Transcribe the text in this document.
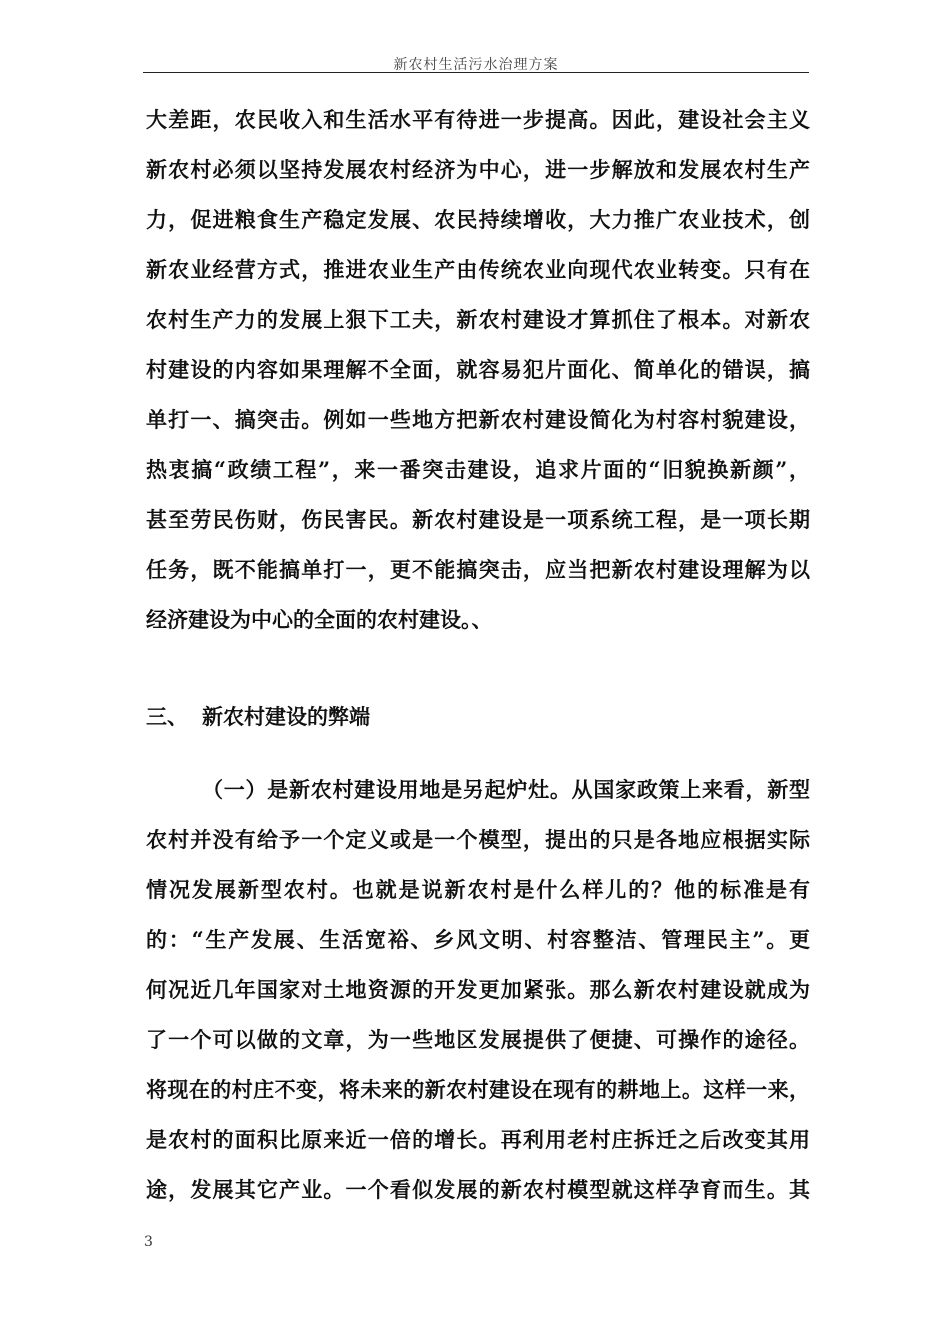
新农村生活污水治理方案
大差距，农民收入和生活水平有待进一步提高。因此，建设社会主义
新农村必须以坚持发展农村经济为中心，进一步解放和发展农村生产
力，促进粮食生产稳定发展、农民持续增收，大力推广农业技术，创
新农业经营方式，推进农业生产由传统农业向现代农业转变。只有在
农村生产力的发展上狠下工夫，新农村建设才算抓住了根本。对新农
村建设的内容如果理解不全面，就容易犯片面化、简单化的错误，搞
单打一、搞突击。例如一些地方把新农村建设简化为村容村貌建设，
热衷搞“政绩工程”，来一番突击建设，追求片面的“旧貌换新颜”，
甚至劳民伤财，伤民害民。新农村建设是一项系统工程，是一项长期
任务，既不能搞单打一，更不能搞突击，应当把新农村建设理解为以
经济建设为中心的全面的农村建设。、
（一）是新农村建设用地是另起炉灶。从国家政策上来看，新型
农村并没有给予一个定义或是一个模型，提出的只是各地应根据实际
情况发展新型农村。也就是说新农村是什么样儿的？他的标准是有
的：“生产发展、生活宽裕、乡风文明、村容整洁、管理民主”。更
何况近几年国家对土地资源的开发更加紧张。那么新农村建设就成为
了一个可以做的文章，为一些地区发展提供了便捷、可操作的途径。
将现在的村庄不变，将未来的新农村建设在现有的耕地上。这样一来，
是农村的面积比原来近一倍的增长。再利用老村庄拆迁之后改变其用
途，发展其它产业。一个看似发展的新农村模型就这样孕育而生。其
三、 新农村建设的弊端
3
